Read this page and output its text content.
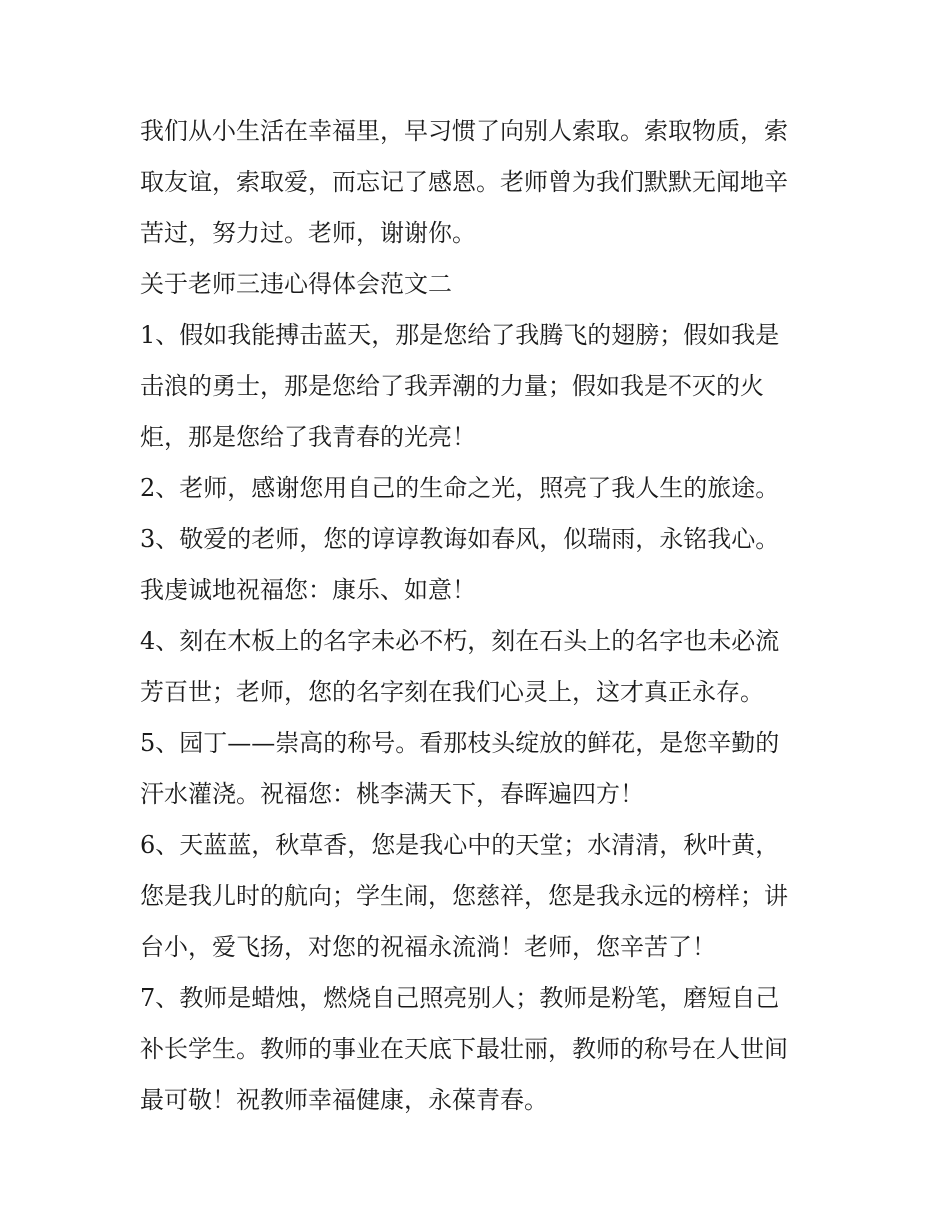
我们从小生活在幸福里，早习惯了向别人索取。索取物质，索
取友谊，索取爱，而忘记了感恩。老师曾为我们默默无闻地辛
苦过，努力过。老师，谢谢你。

关于老师三违心得体会范文二

1、假如我能搏击蓝天，那是您给了我腾飞的翅膀；假如我是
击浪的勇士，那是您给了我弄潮的力量；假如我是不灭的火
炬，那是您给了我青春的光亮！

2、老师，感谢您用自己的生命之光，照亮了我人生的旅途。

3、敬爱的老师，您的谆谆教诲如春风，似瑞雨，永铭我心。
我虔诚地祝福您：康乐、如意！

4、刻在木板上的名字未必不朽，刻在石头上的名字也未必流
芳百世；老师，您的名字刻在我们心灵上，这才真正永存。

5、园丁——崇高的称号。看那枝头绽放的鲜花，是您辛勤的
汗水灌浇。祝福您：桃李满天下，春晖遍四方！

6、天蓝蓝，秋草香，您是我心中的天堂；水清清，秋叶黄，
您是我儿时的航向；学生闹，您慈祥，您是我永远的榜样；讲
台小，爱飞扬，对您的祝福永流淌！老师，您辛苦了！

7、教师是蜡烛，燃烧自己照亮别人；教师是粉笔，磨短自己
补长学生。教师的事业在天底下最壮丽，教师的称号在人世间
最可敬！祝教师幸福健康，永葆青春。
